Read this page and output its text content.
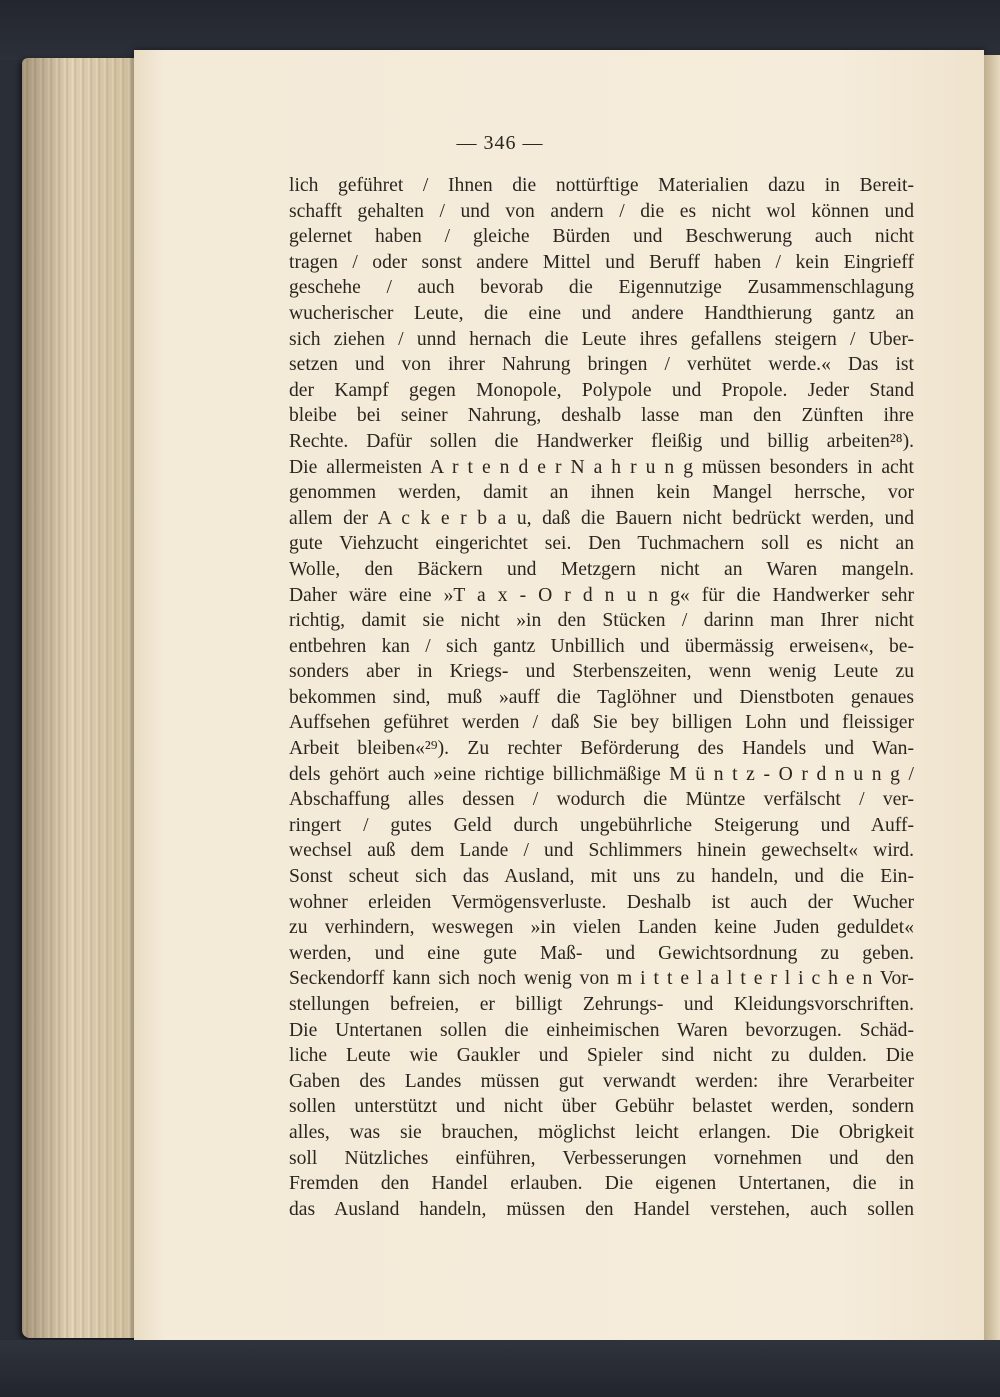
— 346 —
lich geführet / Ihnen die nottürftige Materialien dazu in Bereit-
schafft gehalten / und von andern / die es nicht wol können und
gelernet haben / gleiche Bürden und Beschwerung auch nicht
tragen / oder sonst andere Mittel und Beruff haben / kein Eingrieff
geschehe / auch bevorab die Eigennutzige Zusammenschlagung
wucherischer Leute, die eine und andere Handthierung gantz an
sich ziehen / unnd hernach die Leute ihres gefallens steigern / Uber-
setzen und von ihrer Nahrung bringen / verhütet werde.« Das ist
der Kampf gegen Monopole, Polypole und Propole. Jeder Stand
bleibe bei seiner Nahrung, deshalb lasse man den Zünften ihre
Rechte. Dafür sollen die Handwerker fleißig und billig arbeiten²⁸).
Die allermeisten A r t e n d e r N a h r u n g müssen besonders in acht
genommen werden, damit an ihnen kein Mangel herrsche, vor
allem der A c k e r b a u, daß die Bauern nicht bedrückt werden, und
gute Viehzucht eingerichtet sei. Den Tuchmachern soll es nicht an
Wolle, den Bäckern und Metzgern nicht an Waren mangeln.
Daher wäre eine »T a x - O r d n u n g« für die Handwerker sehr
richtig, damit sie nicht »in den Stücken / darinn man Ihrer nicht
entbehren kan / sich gantz Unbillich und übermässig erweisen«, be-
sonders aber in Kriegs- und Sterbenszeiten, wenn wenig Leute zu
bekommen sind, muß »auff die Taglöhner und Dienstboten genaues
Auffsehen geführet werden / daß Sie bey billigen Lohn und fleissiger
Arbeit bleiben«²⁹). Zu rechter Beförderung des Handels und Wan-
dels gehört auch »eine richtige billichmäßige M ü n t z - O r d n u n g /
Abschaffung alles dessen / wodurch die Müntze verfälscht / ver-
ringert / gutes Geld durch ungebührliche Steigerung und Auff-
wechsel auß dem Lande / und Schlimmers hinein gewechselt« wird.
Sonst scheut sich das Ausland, mit uns zu handeln, und die Ein-
wohner erleiden Vermögensverluste. Deshalb ist auch der Wucher
zu verhindern, weswegen »in vielen Landen keine Juden geduldet«
werden, und eine gute Maß- und Gewichtsordnung zu geben.
Seckendorff kann sich noch wenig von m i t t e l a l t e r l i c h e n Vor-
stellungen befreien, er billigt Zehrungs- und Kleidungsvorschriften.
Die Untertanen sollen die einheimischen Waren bevorzugen. Schäd-
liche Leute wie Gaukler und Spieler sind nicht zu dulden. Die
Gaben des Landes müssen gut verwandt werden: ihre Verarbeiter
sollen unterstützt und nicht über Gebühr belastet werden, sondern
alles, was sie brauchen, möglichst leicht erlangen. Die Obrigkeit
soll Nützliches einführen, Verbesserungen vornehmen und den
Fremden den Handel erlauben. Die eigenen Untertanen, die in
das Ausland handeln, müssen den Handel verstehen, auch sollen
